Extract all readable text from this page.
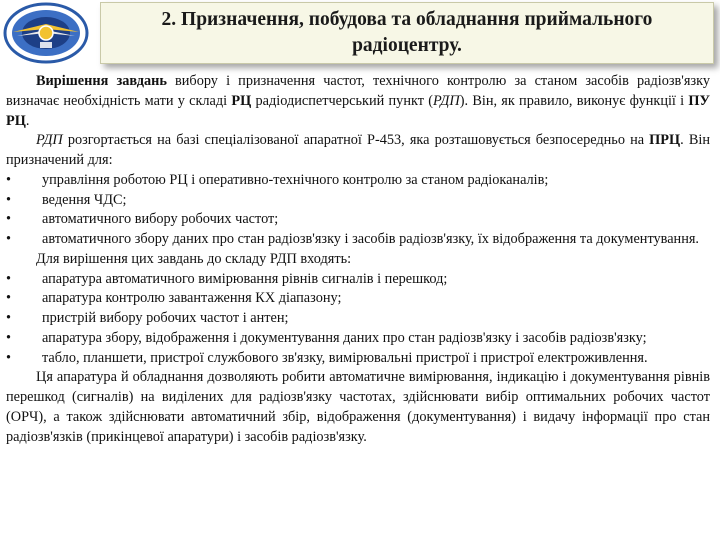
2. Призначення, побудова та обладнання приймального
радіоцентру.

Вирішення завдань вибору і призначення частот, технічного контролю за станом засобів радіозв'язку визначає необхідність мати у складі РЦ радіодиспетчерський пункт (РДП). Він, як правило, виконує функції і ПУ РЦ.

РДП розгортається на базі спеціалізованої апаратної Р-453, яка розташовується безпосередньо на ПРЦ. Він призначений для:

• управління роботою РЦ і оперативно-технічного контролю за станом радіоканалів;

• ведення ЧДС;

• автоматичного вибору робочих частот;

• автоматичного збору даних про стан радіозв'язку і засобів радіозв'язку, їх відображення та документування.

Для вирішення цих завдань до складу РДП входять:

• апаратура автоматичного вимірювання рівнів сигналів і перешкод;

• апаратура контролю завантаження КХ діапазону;

• пристрій вибору робочих частот і антен;

• апаратура збору, відображення і документування даних про стан радіозв'язку і засобів радіозв'язку;

• табло, планшети, пристрої службового зв'язку, вимірювальні пристрої і пристрої електроживлення.

Ця апаратура й обладнання дозволяють робити автоматичне вимірювання, індикацію і документування рівнів перешкод (сигналів) на виділених для радіозв'язку частотах, здійснювати вибір оптимальних робочих частот (ОРЧ), а також здійснювати автоматичний збір, відображення (документування) і видачу інформації про стан радіозв'язків (прикінцевої апаратури) і засобів радіозв'язку.
